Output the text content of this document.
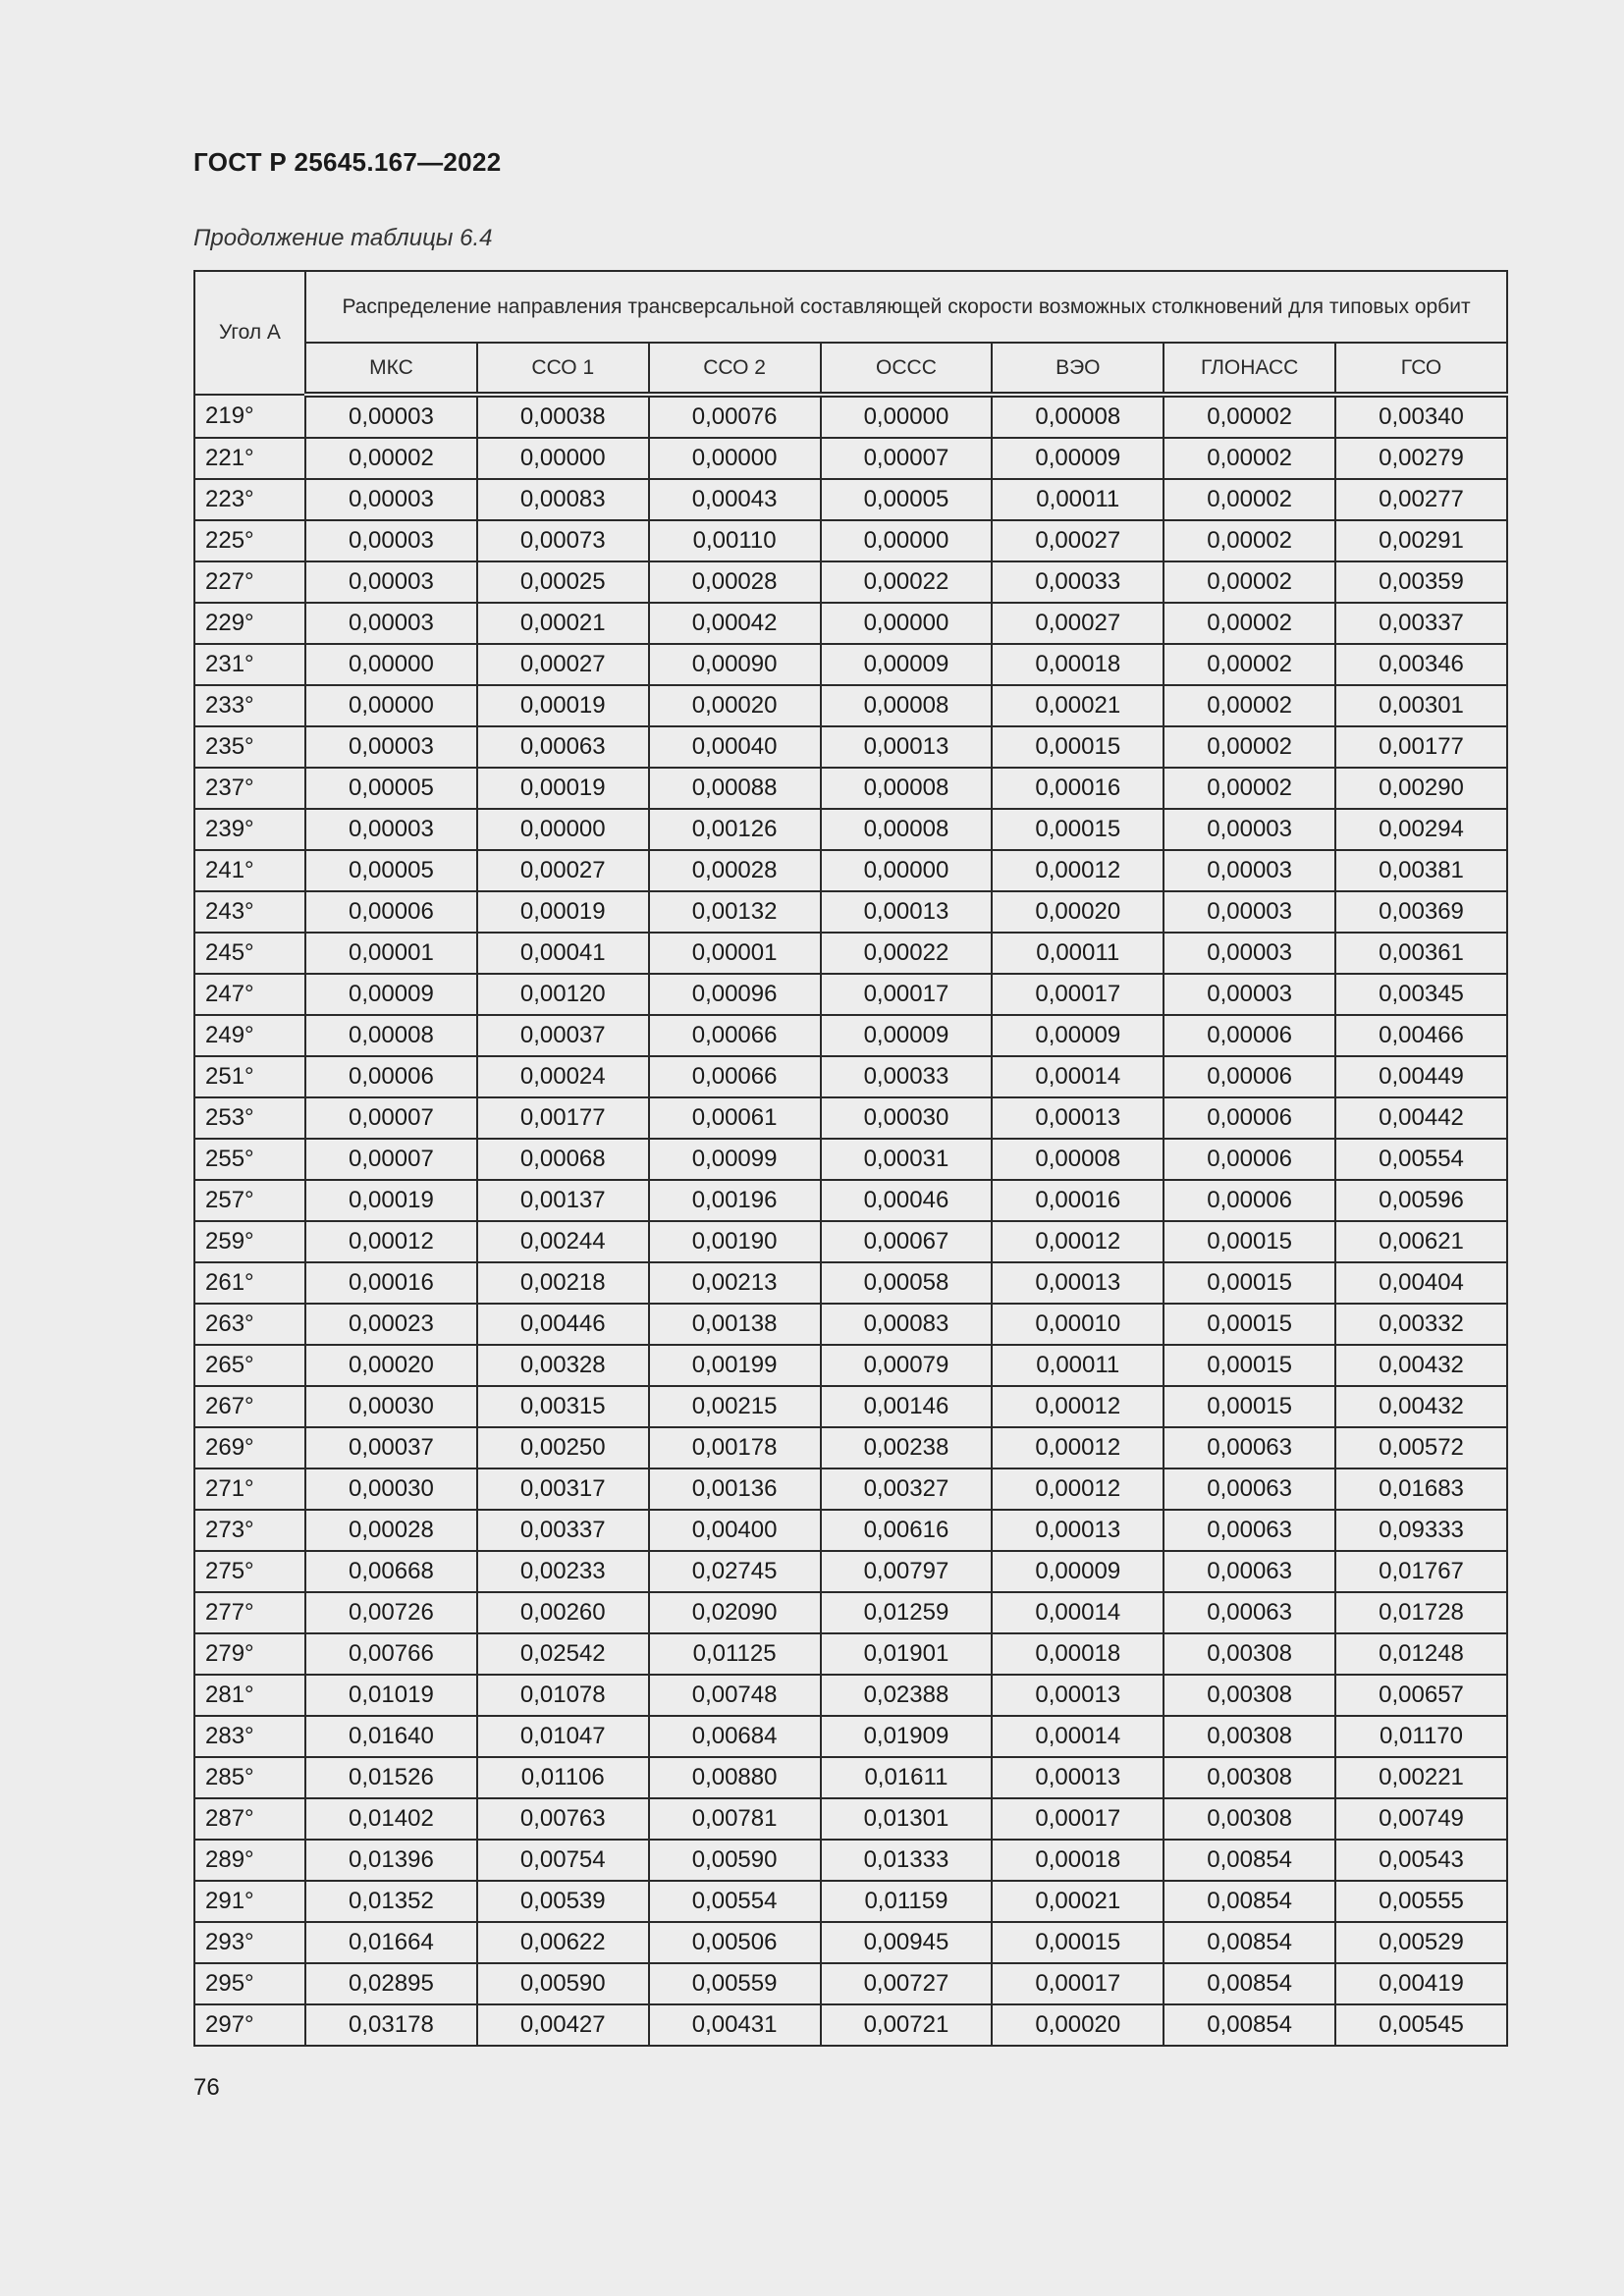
ГОСТ Р 25645.167—2022
Продолжение таблицы 6.4
Угол A	Распределение направления трансверсальной составляющей скорости возможных столкновений для типовых орбит						
	МКС	ССО 1	ССО 2	ОССС	ВЭО	ГЛОНАСС	ГСО
219°	0,00003	0,00038	0,00076	0,00000	0,00008	0,00002	0,00340
221°	0,00002	0,00000	0,00000	0,00007	0,00009	0,00002	0,00279
223°	0,00003	0,00083	0,00043	0,00005	0,00011	0,00002	0,00277
225°	0,00003	0,00073	0,00110	0,00000	0,00027	0,00002	0,00291
227°	0,00003	0,00025	0,00028	0,00022	0,00033	0,00002	0,00359
229°	0,00003	0,00021	0,00042	0,00000	0,00027	0,00002	0,00337
231°	0,00000	0,00027	0,00090	0,00009	0,00018	0,00002	0,00346
233°	0,00000	0,00019	0,00020	0,00008	0,00021	0,00002	0,00301
235°	0,00003	0,00063	0,00040	0,00013	0,00015	0,00002	0,00177
237°	0,00005	0,00019	0,00088	0,00008	0,00016	0,00002	0,00290
239°	0,00003	0,00000	0,00126	0,00008	0,00015	0,00003	0,00294
241°	0,00005	0,00027	0,00028	0,00000	0,00012	0,00003	0,00381
243°	0,00006	0,00019	0,00132	0,00013	0,00020	0,00003	0,00369
245°	0,00001	0,00041	0,00001	0,00022	0,00011	0,00003	0,00361
247°	0,00009	0,00120	0,00096	0,00017	0,00017	0,00003	0,00345
249°	0,00008	0,00037	0,00066	0,00009	0,00009	0,00006	0,00466
251°	0,00006	0,00024	0,00066	0,00033	0,00014	0,00006	0,00449
253°	0,00007	0,00177	0,00061	0,00030	0,00013	0,00006	0,00442
255°	0,00007	0,00068	0,00099	0,00031	0,00008	0,00006	0,00554
257°	0,00019	0,00137	0,00196	0,00046	0,00016	0,00006	0,00596
259°	0,00012	0,00244	0,00190	0,00067	0,00012	0,00015	0,00621
261°	0,00016	0,00218	0,00213	0,00058	0,00013	0,00015	0,00404
263°	0,00023	0,00446	0,00138	0,00083	0,00010	0,00015	0,00332
265°	0,00020	0,00328	0,00199	0,00079	0,00011	0,00015	0,00432
267°	0,00030	0,00315	0,00215	0,00146	0,00012	0,00015	0,00432
269°	0,00037	0,00250	0,00178	0,00238	0,00012	0,00063	0,00572
271°	0,00030	0,00317	0,00136	0,00327	0,00012	0,00063	0,01683
273°	0,00028	0,00337	0,00400	0,00616	0,00013	0,00063	0,09333
275°	0,00668	0,00233	0,02745	0,00797	0,00009	0,00063	0,01767
277°	0,00726	0,00260	0,02090	0,01259	0,00014	0,00063	0,01728
279°	0,00766	0,02542	0,01125	0,01901	0,00018	0,00308	0,01248
281°	0,01019	0,01078	0,00748	0,02388	0,00013	0,00308	0,00657
283°	0,01640	0,01047	0,00684	0,01909	0,00014	0,00308	0,01170
285°	0,01526	0,01106	0,00880	0,01611	0,00013	0,00308	0,00221
287°	0,01402	0,00763	0,00781	0,01301	0,00017	0,00308	0,00749
289°	0,01396	0,00754	0,00590	0,01333	0,00018	0,00854	0,00543
291°	0,01352	0,00539	0,00554	0,01159	0,00021	0,00854	0,00555
293°	0,01664	0,00622	0,00506	0,00945	0,00015	0,00854	0,00529
295°	0,02895	0,00590	0,00559	0,00727	0,00017	0,00854	0,00419
297°	0,03178	0,00427	0,00431	0,00721	0,00020	0,00854	0,00545
76
